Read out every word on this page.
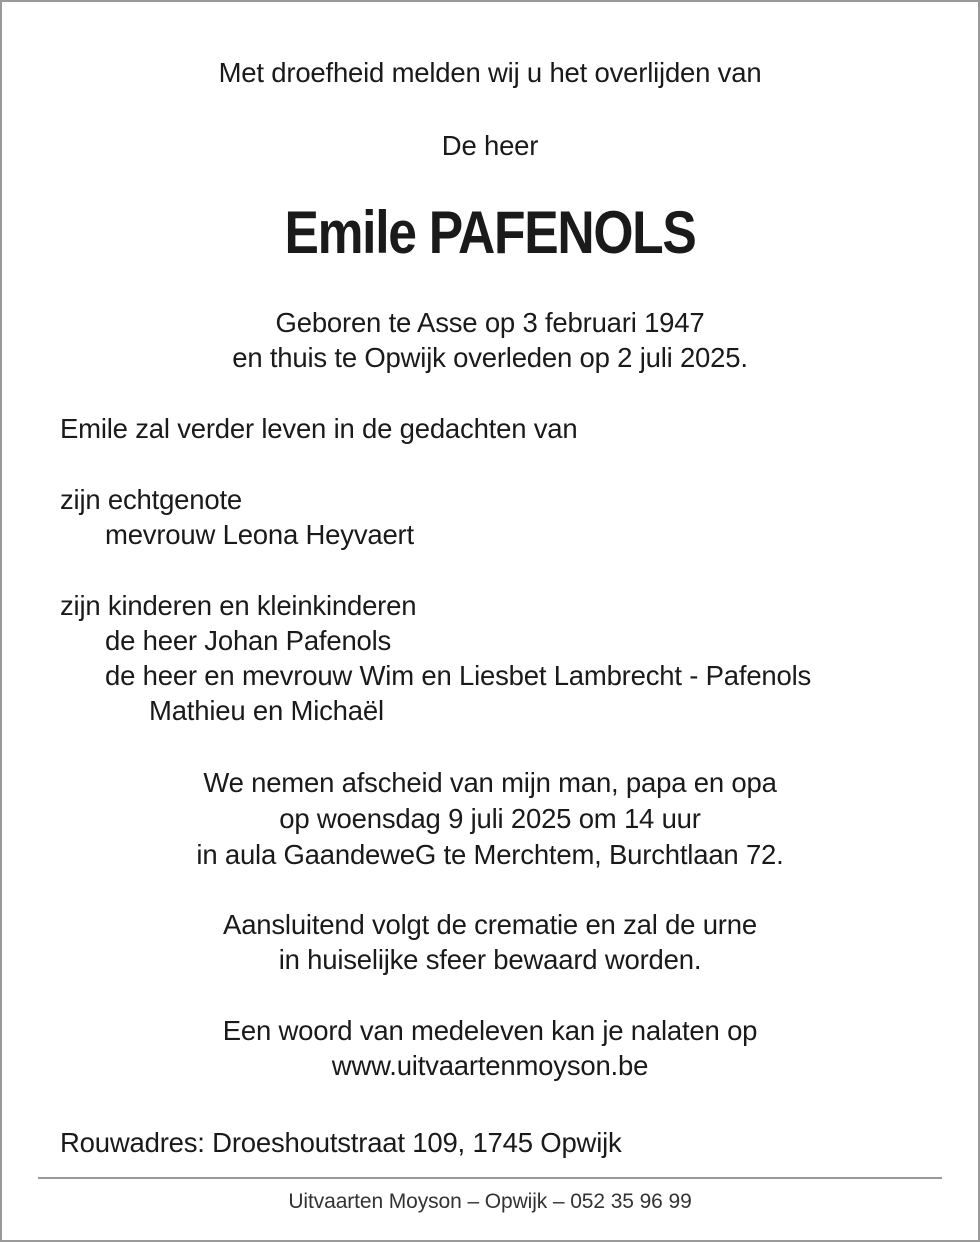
Met droefheid melden wij u het overlijden van
De heer
Emile PAFENOLS
Geboren te Asse op 3 februari 1947
en thuis te Opwijk overleden op 2 juli 2025.
Emile zal verder leven in de gedachten van
zijn echtgenote
mevrouw Leona Heyvaert
zijn kinderen en kleinkinderen
de heer Johan Pafenols
de heer en mevrouw Wim en Liesbet Lambrecht - Pafenols
Mathieu en Michaël
We nemen afscheid van mijn man, papa en opa
op woensdag 9 juli 2025 om 14 uur
in aula GaandeweG te Merchtem, Burchtlaan 72.
Aansluitend volgt de crematie en zal de urne
in huiselijke sfeer bewaard worden.
Een woord van medeleven kan je nalaten op
www.uitvaartenmoyson.be
Rouwadres: Droeshoutstraat 109, 1745 Opwijk
Uitvaarten Moyson – Opwijk – 052 35 96 99
